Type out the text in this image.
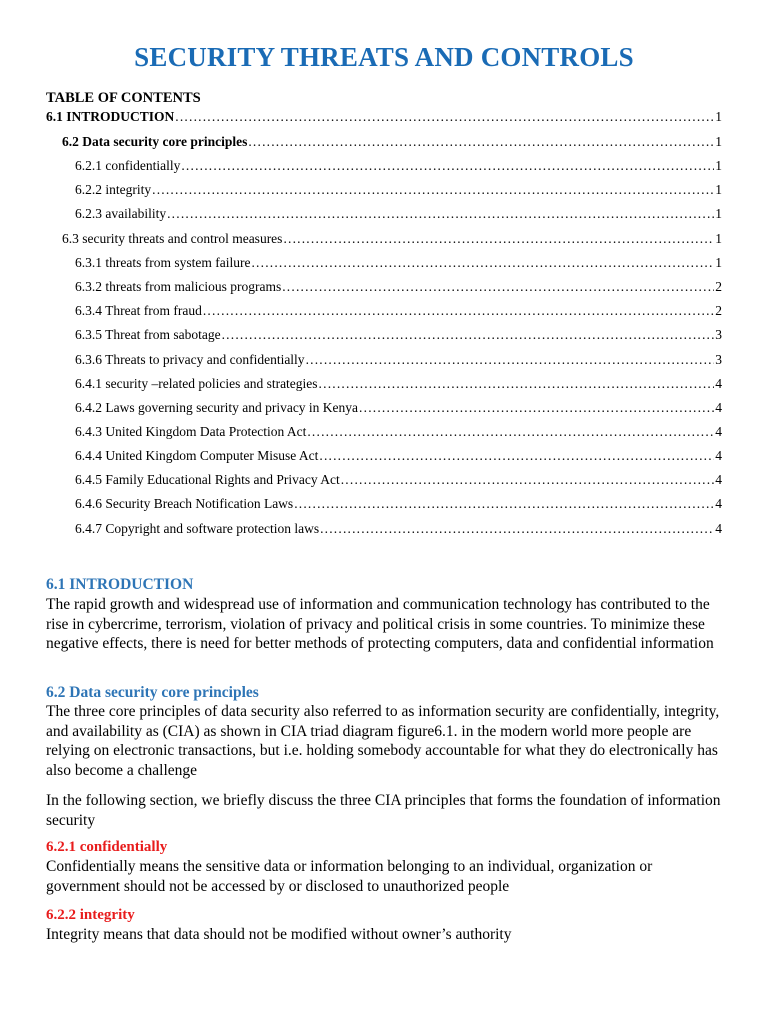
SECURITY THREATS AND CONTROLS
TABLE OF CONTENTS
6.1 INTRODUCTION .....	1
6.2 Data security core principles .....	1
6.2.1 confidentially .....	1
6.2.2 integrity .....	1
6.2.3 availability .....	1
6.3 security threats and control measures .....	1
6.3.1 threats from system failure .....	1
6.3.2 threats from malicious programs .....	2
6.3.4 Threat from fraud .....	2
6.3.5 Threat from sabotage .....	3
6.3.6 Threats to privacy and confidentially .....	3
6.4.1 security –related policies and strategies .....	4
6.4.2 Laws governing security and privacy in Kenya .....	4
6.4.3 United Kingdom Data Protection Act .....	4
6.4.4 United Kingdom Computer Misuse Act .....	4
6.4.5 Family Educational Rights and Privacy Act .....	4
6.4.6 Security Breach Notification Laws .....	4
6.4.7 Copyright and software protection laws .....	4
6.1 INTRODUCTION

The rapid growth and widespread use of information and communication technology has contributed to the rise in cybercrime, terrorism, violation of privacy and political crisis in some countries. To minimize these negative effects, there is need for better methods of protecting computers, data and confidential information

6.2 Data security core principles

The three core principles of data security also referred to as information security are confidentially, integrity, and availability as (CIA) as shown in CIA triad diagram figure6.1. in the modern world more people are relying on electronic transactions, but i.e. holding somebody accountable for what they do electronically has also become a challenge

In the following section, we briefly discuss the three CIA principles that forms the foundation of information security

6.2.1 confidentially

Confidentially means the sensitive data or information belonging to an individual, organization or government should not be accessed by or disclosed to unauthorized people

6.2.2 integrity

Integrity means that data should not be modified without owner’s authority
